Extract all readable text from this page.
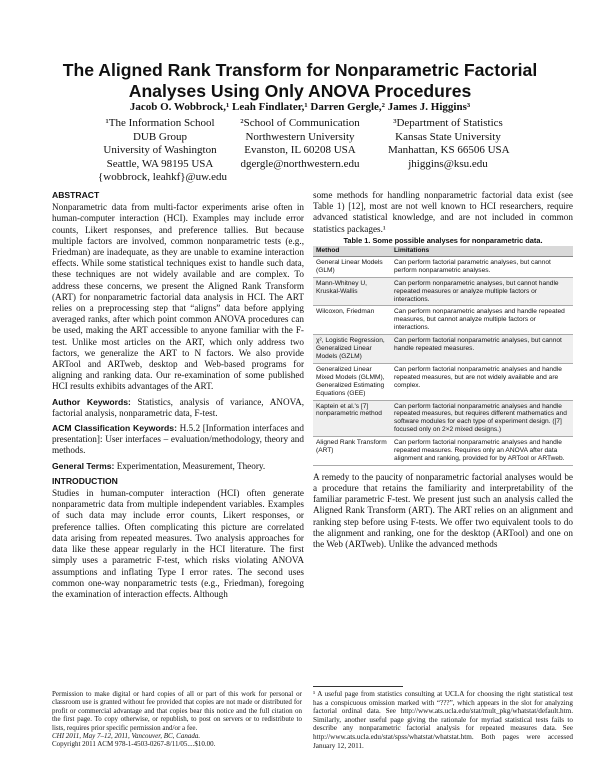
The Aligned Rank Transform for Nonparametric Factorial
Analyses Using Only ANOVA Procedures

Jacob O. Wobbrock,¹ Leah Findlater,¹ Darren Gergle,² James J. Higgins³

¹The Information School
DUB Group
University of Washington
Seattle, WA 98195 USA
{wobbrock, leahkf}@uw.edu
²School of Communication
Northwestern University
Evanston, IL 60208 USA
dgergle@northwestern.edu
³Department of Statistics
Kansas State University
Manhattan, KS 66506 USA
jhiggins@ksu.edu
ABSTRACT

Nonparametric data from multi-factor experiments arise often in human-computer interaction (HCI). Examples may include error counts, Likert responses, and preference tallies. But because multiple factors are involved, common nonparametric tests (e.g., Friedman) are inadequate, as they are unable to examine interaction effects. While some statistical techniques exist to handle such data, these techniques are not widely available and are complex. To address these concerns, we present the Aligned Rank Transform (ART) for nonparametric factorial data analysis in HCI. The ART relies on a preprocessing step that “aligns” data before applying averaged ranks, after which point common ANOVA procedures can be used, making the ART accessible to anyone familiar with the F-test. Unlike most articles on the ART, which only address two factors, we generalize the ART to N factors. We also provide ARTool and ARTweb, desktop and Web-based programs for aligning and ranking data. Our re-examination of some published HCI results exhibits advantages of the ART.

Author Keywords: Statistics, analysis of variance, ANOVA, factorial analysis, nonparametric data, F-test.

ACM Classification Keywords: H.5.2 [Information interfaces and presentation]: User interfaces – evaluation/methodology, theory and methods.

General Terms: Experimentation, Measurement, Theory.

INTRODUCTION

Studies in human-computer interaction (HCI) often generate nonparametric data from multiple independent variables. Examples of such data may include error counts, Likert responses, or preference tallies. Often complicating this picture are correlated data arising from repeated measures. Two analysis approaches for data like these appear regularly in the HCI literature. The first simply uses a parametric F-test, which risks violating ANOVA assumptions and inflating Type I error rates. The second uses common one-way nonparametric tests (e.g., Friedman), foregoing the examination of interaction effects. Although

Permission to make digital or hard copies of all or part of this work for personal or classroom use is granted without fee provided that copies are not made or distributed for profit or commercial advantage and that copies bear this notice and the full citation on the first page. To copy otherwise, or republish, to post on servers or to redistribute to lists, requires prior specific permission and/or a fee.

CHI 2011, May 7–12, 2011, Vancouver, BC, Canada.

Copyright 2011 ACM 978-1-4503-0267-8/11/05....$10.00.

some methods for handling nonparametric factorial data exist (see Table 1) [12], most are not well known to HCI researchers, require advanced statistical knowledge, and are not included in common statistics packages.¹

Table 1. Some possible analyses for nonparametric data.

Method	Limitations
General Linear Models (GLM)	Can perform factorial parametric analyses, but cannot perform nonparametric analyses.
Mann-Whitney U, Kruskal-Wallis	Can perform nonparametric analyses, but cannot handle repeated measures or analyze multiple factors or interactions.
Wilcoxon, Friedman	Can perform nonparametric analyses and handle repeated measures, but cannot analyze multiple factors or interactions.
χ², Logistic Regression, Generalized Linear Models (GZLM)	Can perform factorial nonparametric analyses, but cannot handle repeated measures.
Generalized Linear Mixed Models (GLMM), Generalized Estimating Equations (GEE)	Can perform factorial nonparametric analyses and handle repeated measures, but are not widely available and are complex.
Kaptein et al.'s [7] nonparametric method	Can perform factorial nonparametric analyses and handle repeated measures, but requires different mathematics and software modules for each type of experiment design. ([7] focused only on 2×2 mixed designs.)
Aligned Rank Transform (ART)	Can perform factorial nonparametric analyses and handle repeated measures. Requires only an ANOVA after data alignment and ranking, provided for by ARTool or ARTweb.

A remedy to the paucity of nonparametric factorial analyses would be a procedure that retains the familiarity and interpretability of the familiar parametric F-test. We present just such an analysis called the Aligned Rank Transform (ART). The ART relies on an alignment and ranking step before using F-tests. We offer two equivalent tools to do the alignment and ranking, one for the desktop (ARTool) and one on the Web (ARTweb). Unlike the advanced methods

¹ A useful page from statistics consulting at UCLA for choosing the right statistical test has a conspicuous omission marked with “???”, which appears in the slot for analyzing factorial ordinal data. See http://www.ats.ucla.edu/stat/mult_pkg/whatstat/default.htm. Similarly, another useful page giving the rationale for myriad statistical tests fails to describe any nonparametric factorial analysis for repeated measures data. See http://www.ats.ucla.edu/stat/spss/whatstat/whatstat.htm. Both pages were accessed January 12, 2011.
